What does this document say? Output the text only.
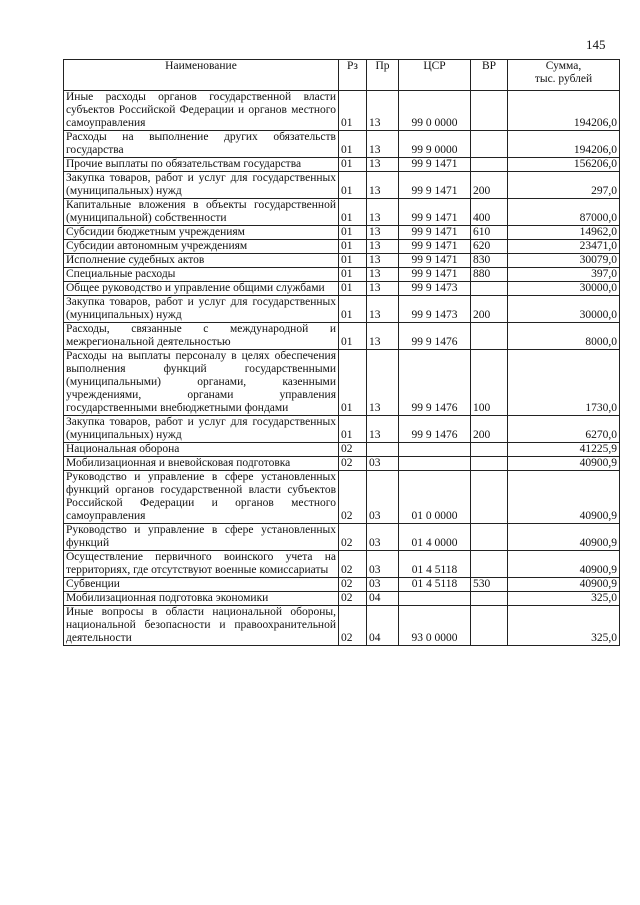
145
Наименование	Рз	Пр	ЦСР	ВР	Сумма,
тыс. рублей

Иные расходы органов государственной власти субъектов Российской Федерации и органов местного самоуправления	01	13	99 0 0000		194206,0
Расходы на выполнение других обязательств государства	01	13	99 9 0000		194206,0
Прочие выплаты по обязательствам государства	01	13	99 9 1471		156206,0
Закупка товаров, работ и услуг для государственных (муниципальных) нужд	01	13	99 9 1471	200	297,0
Капитальные вложения в объекты государственной (муниципальной) собственности	01	13	99 9 1471	400	87000,0
Субсидии бюджетным учреждениям	01	13	99 9 1471	610	14962,0
Субсидии автономным учреждениям	01	13	99 9 1471	620	23471,0
Исполнение судебных актов	01	13	99 9 1471	830	30079,0
Специальные расходы	01	13	99 9 1471	880	397,0
Общее руководство и управление общими службами	01	13	99 9 1473		30000,0
Закупка товаров, работ и услуг для государственных (муниципальных) нужд	01	13	99 9 1473	200	30000,0
Расходы, связанные с международной и межрегиональной деятельностью	01	13	99 9 1476		8000,0
Расходы на выплаты персоналу в целях обеспечения выполнения функций государственными (муниципальными) органами, казенными учреждениями, органами управления государственными внебюджетными фондами	01	13	99 9 1476	100	1730,0
Закупка товаров, работ и услуг для государственных (муниципальных) нужд	01	13	99 9 1476	200	6270,0
Национальная оборона	02				41225,9
Мобилизационная и вневойсковая подготовка	02	03			40900,9
Руководство и управление в сфере установленных функций органов государственной власти субъектов Российской Федерации и органов местного самоуправления	02	03	01 0 0000		40900,9
Руководство и управление в сфере установленных функций	02	03	01 4 0000		40900,9
Осуществление первичного воинского учета на территориях, где отсутствуют военные комиссариаты	02	03	01 4 5118		40900,9
Субвенции	02	03	01 4 5118	530	40900,9
Мобилизационная подготовка экономики	02	04			325,0
Иные вопросы в области национальной обороны, национальной безопасности и правоохранительной деятельности	02	04	93 0 0000		325,0
